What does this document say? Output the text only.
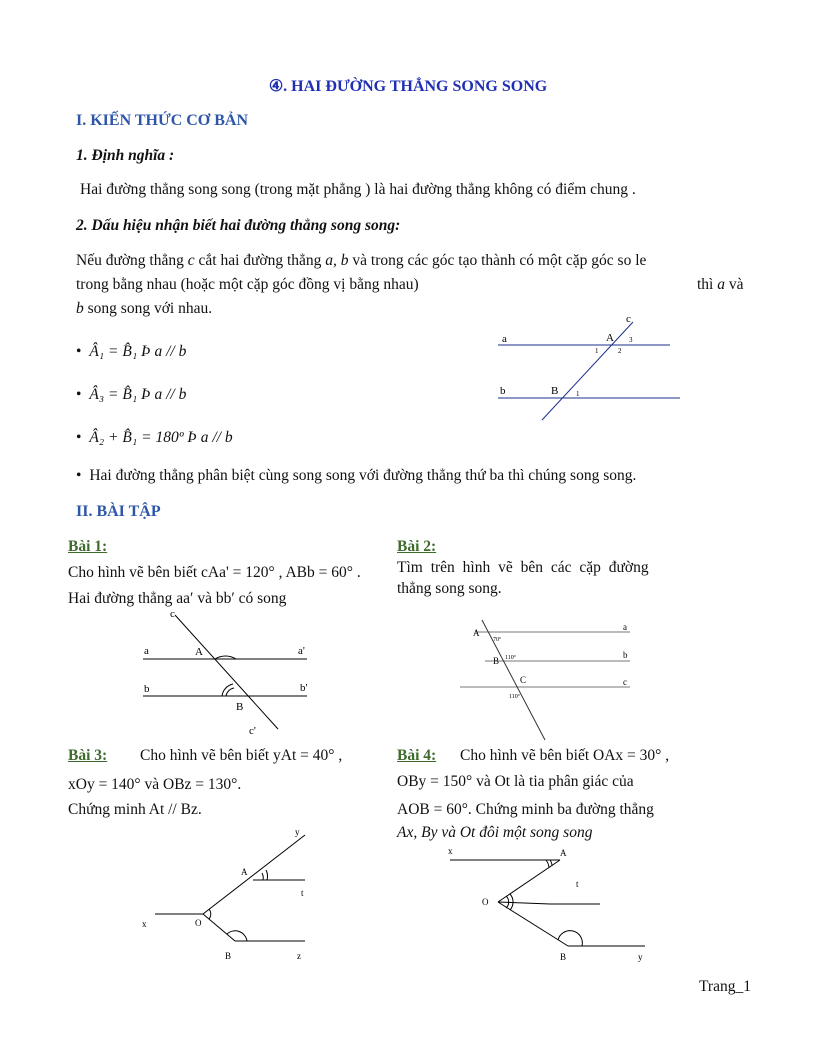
④. HAI ĐƯỜNG THẲNG SONG SONG
I. KIẾN THỨC CƠ BẢN
1. Định nghĩa :
Hai đường thẳng song song (trong mặt phẳng ) là hai đường thẳng không có điểm chung .
2. Dấu hiệu nhận biết hai đường thẳng song song:
Nếu đường thẳng c cắt hai đường thẳng a, b và trong các góc tạo thành có một cặp góc so le
trong bằng nhau (hoặc một cặp góc đồng vị bằng nhau)	thì a và
b song song với nhau.
• Â₁ = B̂₁ Þ a // b
• Â₃ = B̂₁ Þ a // b
• Â₂ + B̂₁ = 180º Þ a // b
• Hai đường thẳng phân biệt cùng song song với đường thẳng thứ ba thì chúng song song.
a
b
c
A
B
1	2
3
1
II. BÀI TẬP
Bài 1:
Cho hình vẽ bên biết cAa' = 120° , ABb = 60° .
Hai đường thẳng aa′ và bb′ có song
c
a	A	a'
b	b'
B
c'
Bài 2:
Tìm trên hình vẽ bên các cặp đường
thẳng song song.
A
B
C
a
b
c
70º
110º
110º
Bài 3: Cho hình vẽ bên biết yAt = 40° ,
xOy = 140° và OBz = 130°.
Chứng minh At // Bz.
y
A
t
x	O
B	z
Bài 4: Cho hình vẽ bên biết OAx = 30° ,
OBy = 150° và Ot là tia phân giác của
AOB = 60°. Chứng minh ba đường thẳng
Ax, By và Ot đôi một song song
x	A
t
O
B	y
Trang_1
